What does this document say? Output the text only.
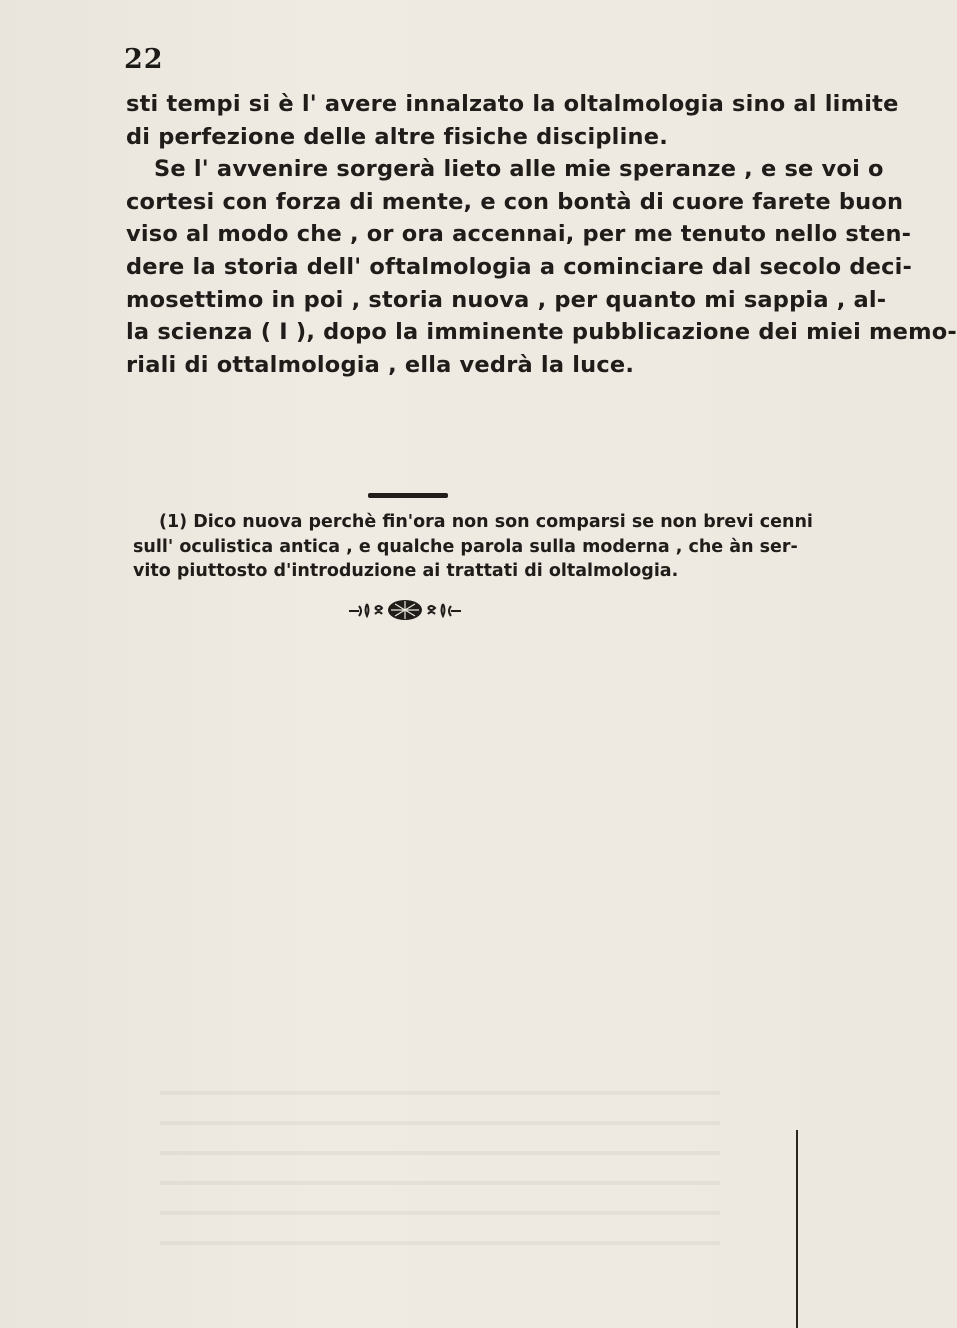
22
sti tempi si è l' avere innalzato la oltalmologia sino al limite
di perfezione delle altre fisiche discipline.
Se l' avvenire sorgerà lieto alle mie speranze , e se voi o
cortesi con forza di mente, e con bontà di cuore farete buon
viso al modo che , or ora accennai, per me tenuto nello sten-
dere la storia dell' oftalmologia a cominciare dal secolo deci-
mosettimo in poi , storia nuova , per quanto mi sappia , al-
la scienza ( I ), dopo la imminente pubblicazione dei miei memo-
riali di ottalmologia , ella vedrà la luce.
(1) Dico nuova perchè fin'ora non son comparsi se non brevi cenni
sull' oculistica antica , e qualche parola sulla moderna , che àn ser-
vito piuttosto d'introduzione ai trattati di oltalmologia.
